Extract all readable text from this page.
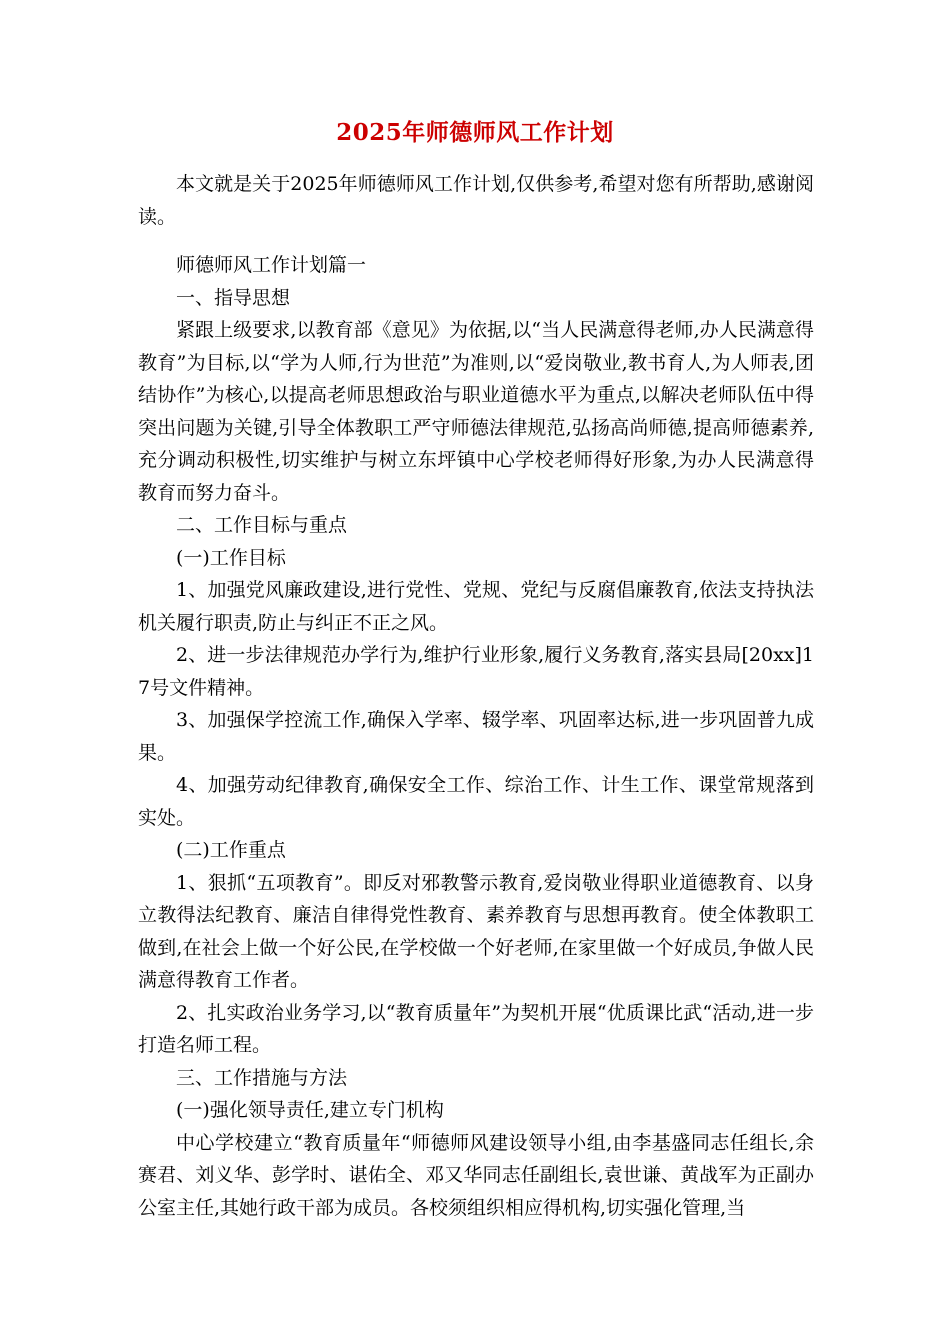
2025年师德师风工作计划

本文就是关于2025年师德师风工作计划,仅供参考,希望对您有所帮助,感谢阅读。

师德师风工作计划篇一

一、指导思想

紧跟上级要求,以教育部《意见》为依据,以“当人民满意得老师,办人民满意得教育”为目标,以“学为人师,行为世范”为准则,以“爱岗敬业,教书育人,为人师表,团结协作”为核心,以提高老师思想政治与职业道德水平为重点,以解决老师队伍中得突出问题为关键,引导全体教职工严守师德法律规范,弘扬高尚师德,提高师德素养,充分调动积极性,切实维护与树立东坪镇中心学校老师得好形象,为办人民满意得教育而努力奋斗。

二、工作目标与重点

(一)工作目标

1、加强党风廉政建设,进行党性、党规、党纪与反腐倡廉教育,依法支持执法机关履行职责,防止与纠正不正之风。

2、进一步法律规范办学行为,维护行业形象,履行义务教育,落实县局[20xx]17号文件精神。

3、加强保学控流工作,确保入学率、辍学率、巩固率达标,进一步巩固普九成果。

4、加强劳动纪律教育,确保安全工作、综治工作、计生工作、课堂常规落到实处。

(二)工作重点

1、狠抓“五项教育”。即反对邪教警示教育,爱岗敬业得职业道德教育、以身立教得法纪教育、廉洁自律得党性教育、素养教育与思想再教育。使全体教职工做到,在社会上做一个好公民,在学校做一个好老师,在家里做一个好成员,争做人民满意得教育工作者。

2、扎实政治业务学习,以“教育质量年”为契机开展“优质课比武“活动,进一步打造名师工程。

三、工作措施与方法

(一)强化领导责任,建立专门机构

中心学校建立“教育质量年“师德师风建设领导小组,由李基盛同志任组长,余赛君、刘义华、彭学时、谌佑全、邓又华同志任副组长,袁世谦、黄战军为正副办公室主任,其她行政干部为成员。各校须组织相应得机构,切实强化管理,当
